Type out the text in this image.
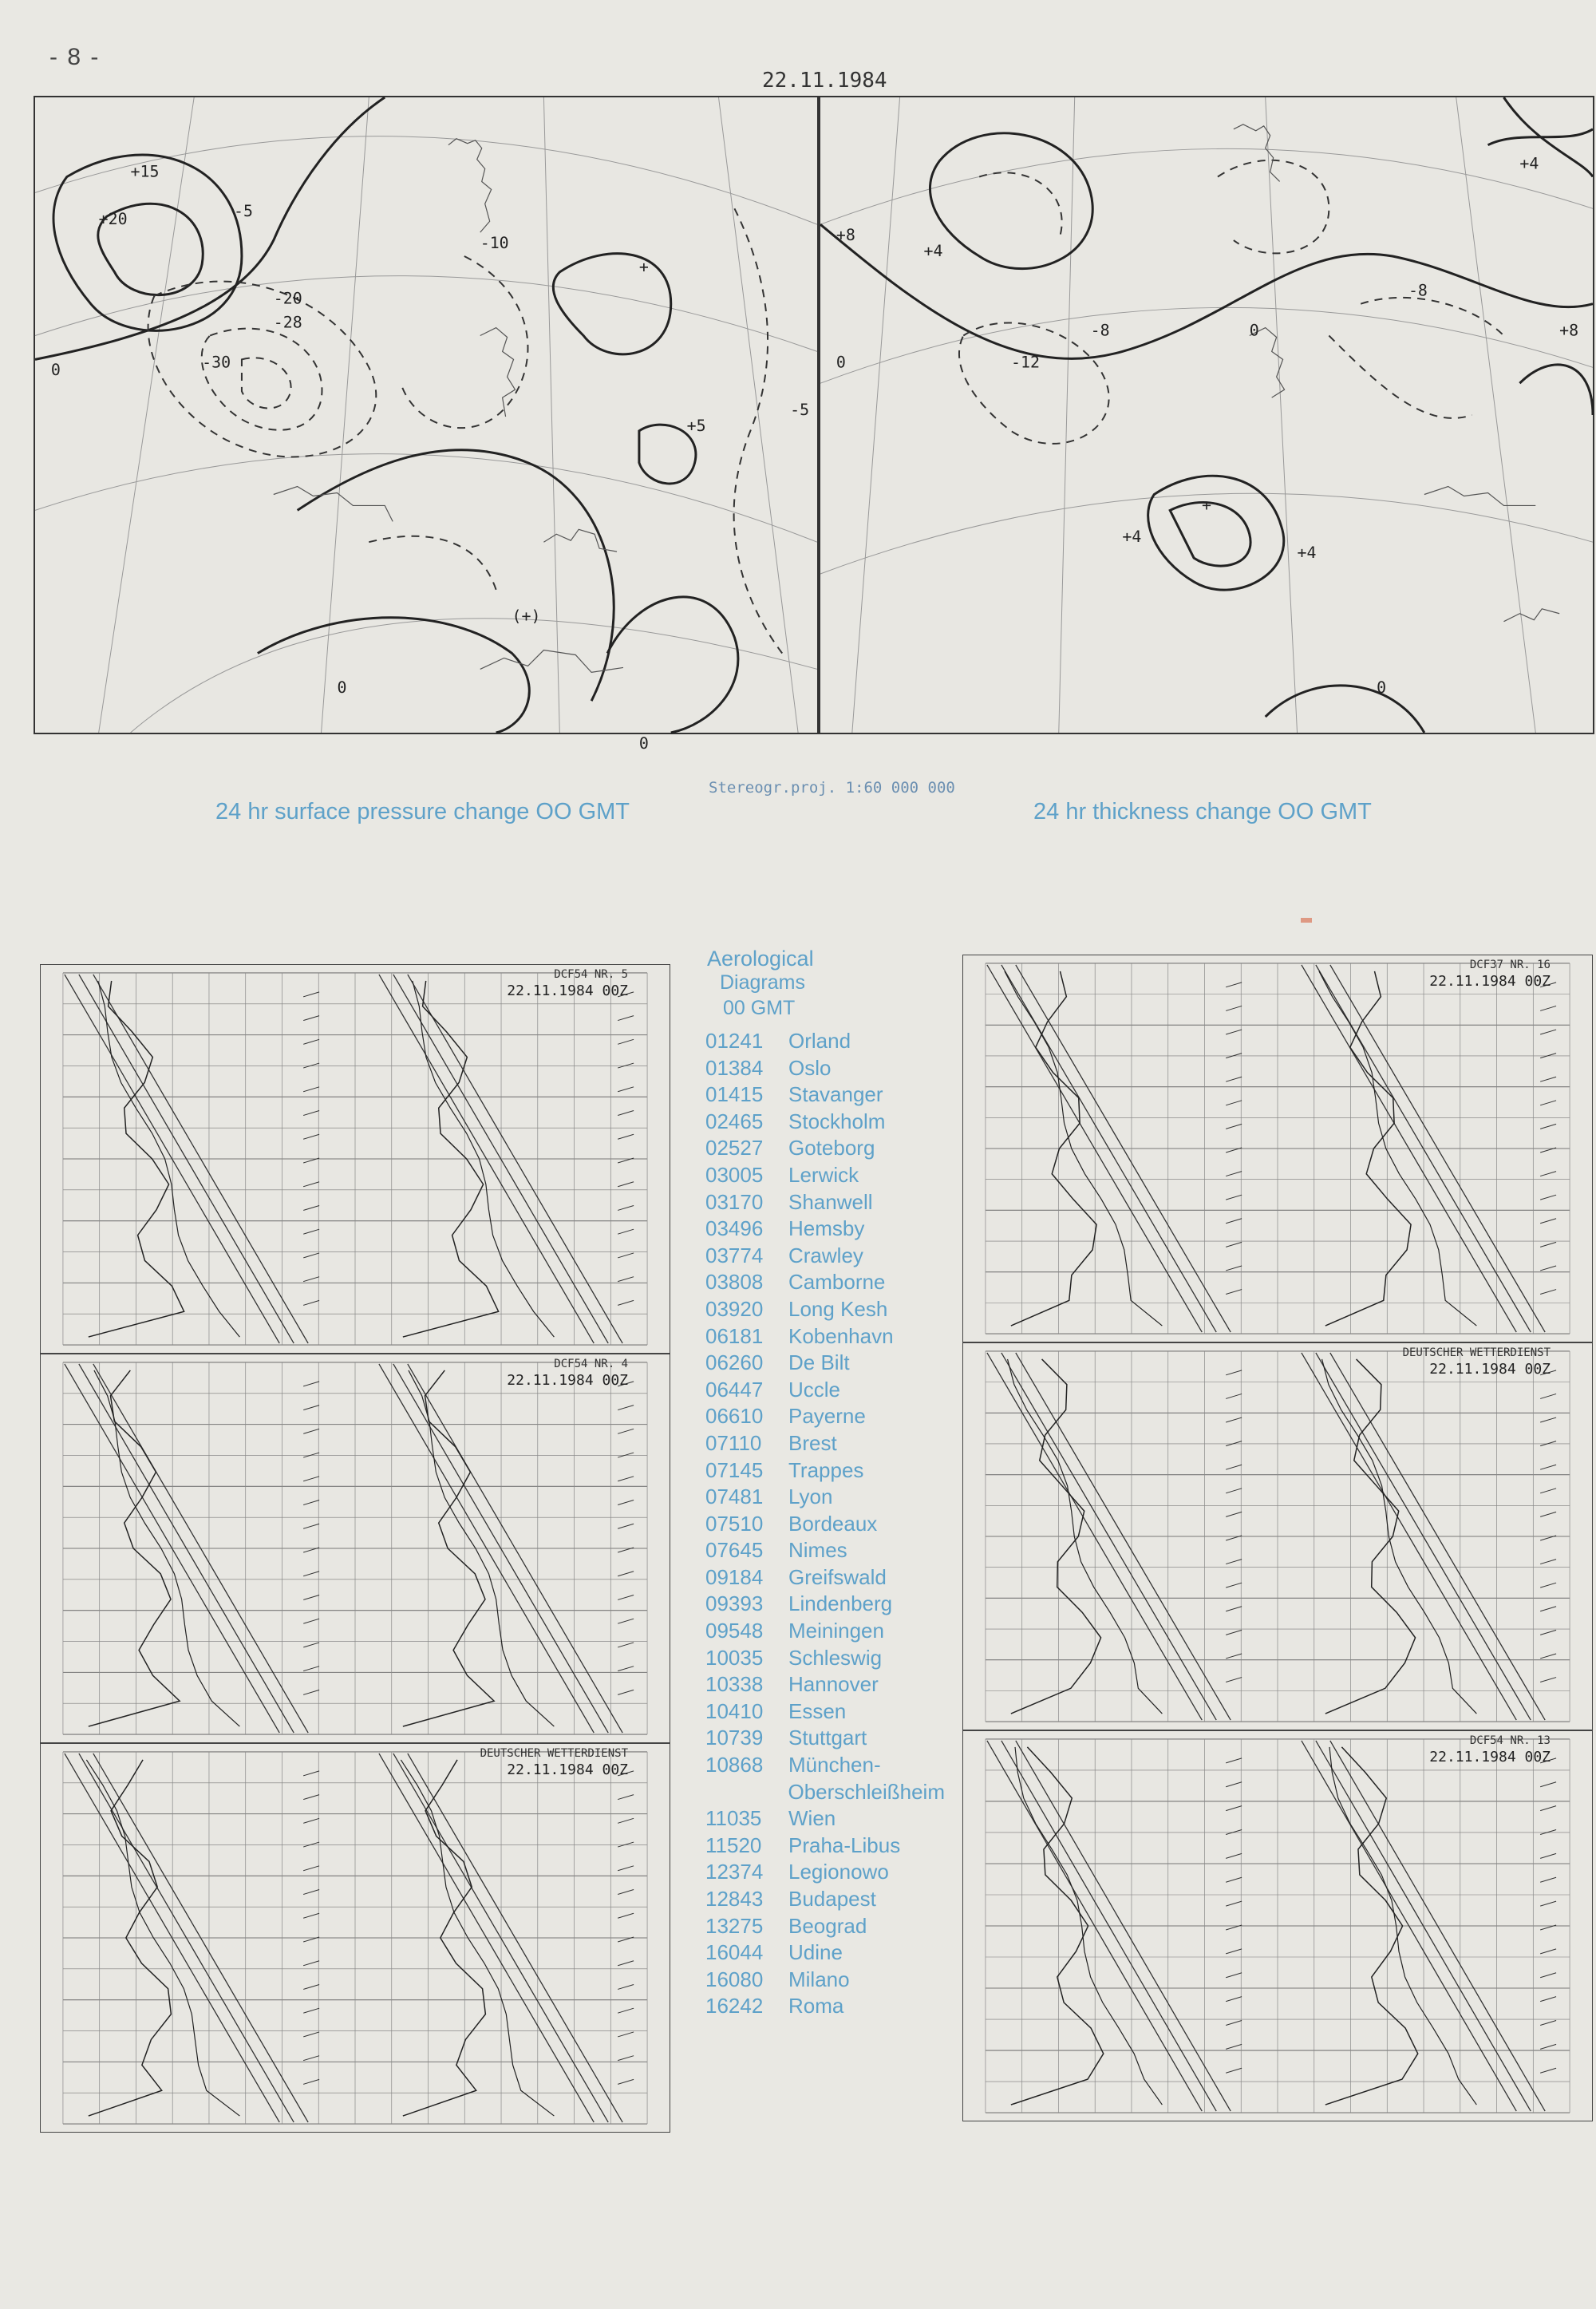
- 8 -
22.11.1984
+15
+20	-5
-20
-28
-30
-10
+
+5
(+)
0
0
0
-5
+8
+4
-12
-8
+
+4
+4
-8
+4
+8
0
0
0
Stereogr.proj. 1:60 000 000
24 hr surface pressure change OO GMT	24 hr thickness change OO GMT
DCF54 NR. 5
22.11.1984 00Z
DCF54 NR. 4
22.11.1984 00Z
DEUTSCHER WETTERDIENST
22.11.1984 00Z
DCF37 NR. 16
22.11.1984 00Z
DEUTSCHER WETTERDIENST
22.11.1984 00Z
DCF54 NR. 13
22.11.1984 00Z
Aerological
Diagrams
00 GMT
01241	Orland
01384	Oslo
01415	Stavanger
02465	Stockholm
02527	Goteborg
03005	Lerwick
03170	Shanwell
03496	Hemsby
03774	Crawley
03808	Camborne
03920	Long Kesh
06181	Kobenhavn
06260	De Bilt
06447	Uccle
06610	Payerne
07110	Brest
07145	Trappes
07481	Lyon
07510	Bordeaux
07645	Nimes
09184	Greifswald
09393	Lindenberg
09548	Meiningen
10035	Schleswig
10338	Hannover
10410	Essen
10739	Stuttgart
10868	München-
Oberschleißheim
11035	Wien
11520	Praha-Libus
12374	Legionowo
12843	Budapest
13275	Beograd
16044	Udine
16080	Milano
16242	Roma
